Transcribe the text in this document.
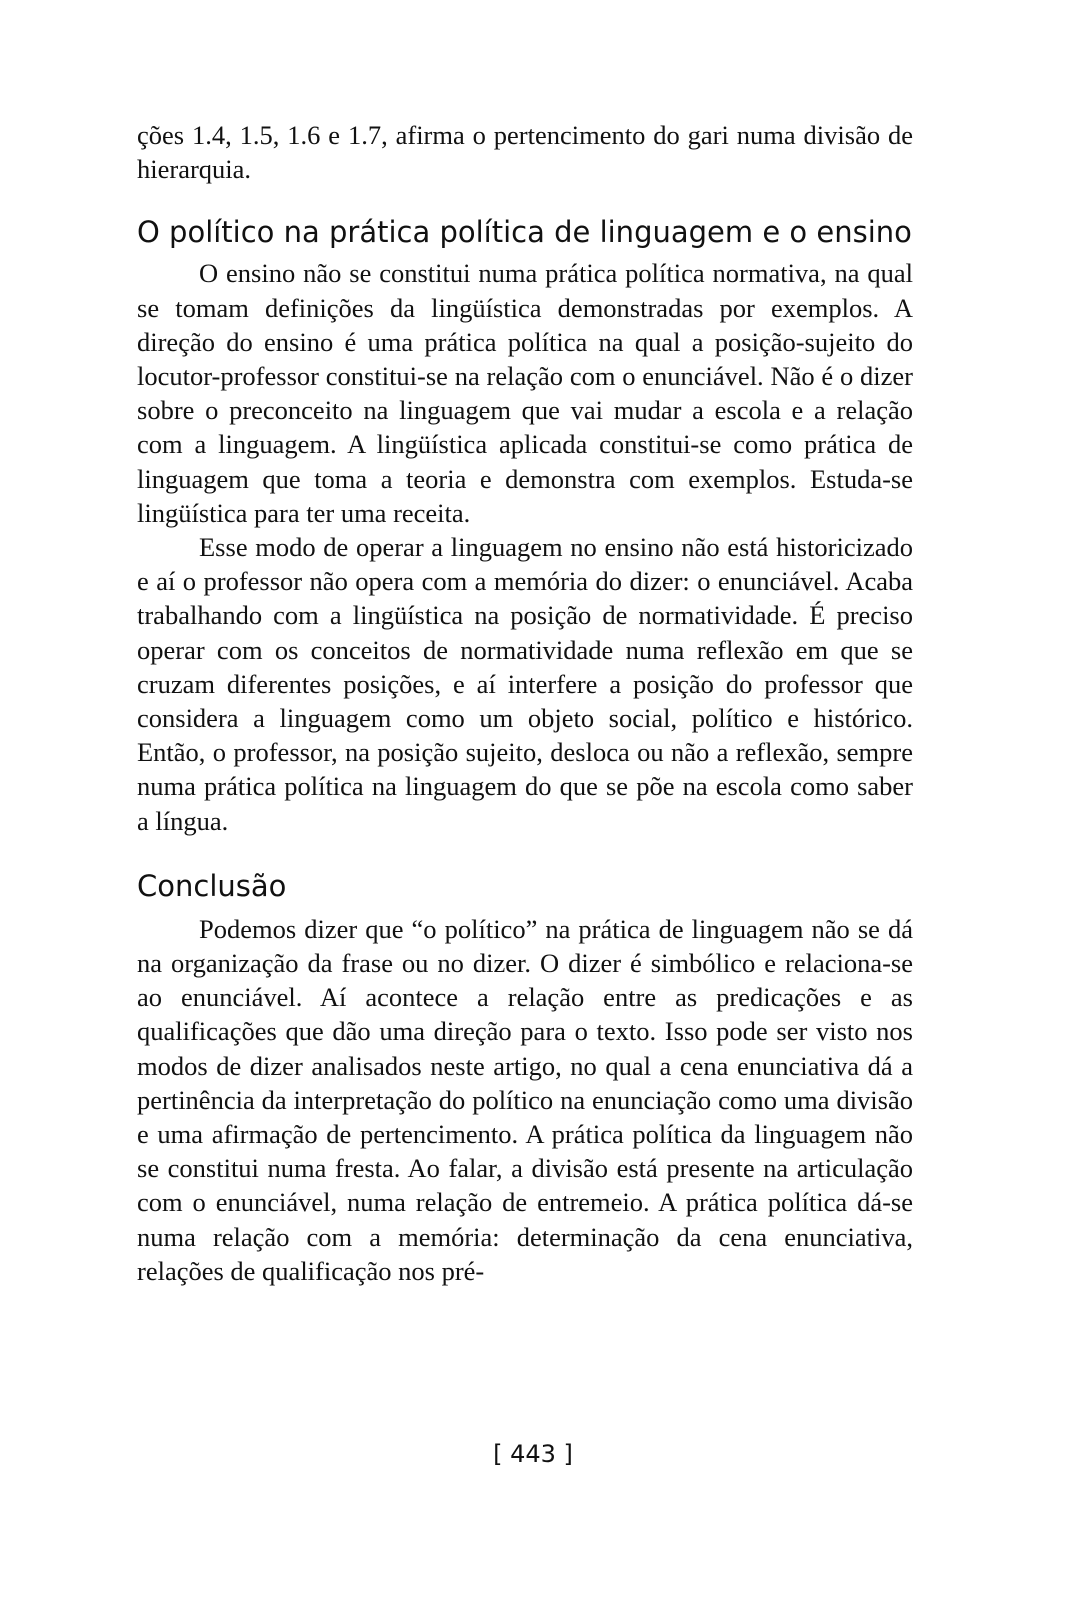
ções 1.4, 1.5, 1.6 e 1.7, afirma o pertencimento do gari numa divisão de hierarquia.

O político na prática política de linguagem e o ensino

O ensino não se constitui numa prática política normativa, na qual se tomam definições da lingüística demonstradas por exemplos. A direção do ensino é uma prática política na qual a posição-sujeito do locutor-professor constitui-se na relação com o enunciável. Não é o dizer sobre o preconceito na linguagem que vai mudar a escola e a relação com a linguagem. A lingüística aplicada constitui-se como prática de linguagem que toma a teoria e demonstra com exemplos. Estuda-se lingüística para ter uma receita.

Esse modo de operar a linguagem no ensino não está historicizado e aí o professor não opera com a memória do dizer: o enunciável. Acaba trabalhando com a lingüística na posição de normatividade. É preciso operar com os conceitos de normatividade numa reflexão em que se cruzam diferentes posições, e aí interfere a posição do professor que considera a linguagem como um objeto social, político e histórico. Então, o professor, na posição sujeito, desloca ou não a reflexão, sempre numa prática política na linguagem do que se põe na escola como saber a língua.

Conclusão

Podemos dizer que “o político” na prática de linguagem não se dá na organização da frase ou no dizer. O dizer é simbólico e relaciona-se ao enunciável. Aí acontece a relação entre as predicações e as qualificações que dão uma direção para o texto. Isso pode ser visto nos modos de dizer analisados neste artigo, no qual a cena enunciativa dá a pertinência da interpretação do político na enunciação como uma divisão e uma afirmação de pertencimento. A prática política da linguagem não se constitui numa fresta. Ao falar, a divisão está presente na articulação com o enunciável, numa relação de entremeio. A prática política dá-se numa relação com a memória: determinação da cena enunciativa, relações de qualificação nos pré-

[ 443 ]
